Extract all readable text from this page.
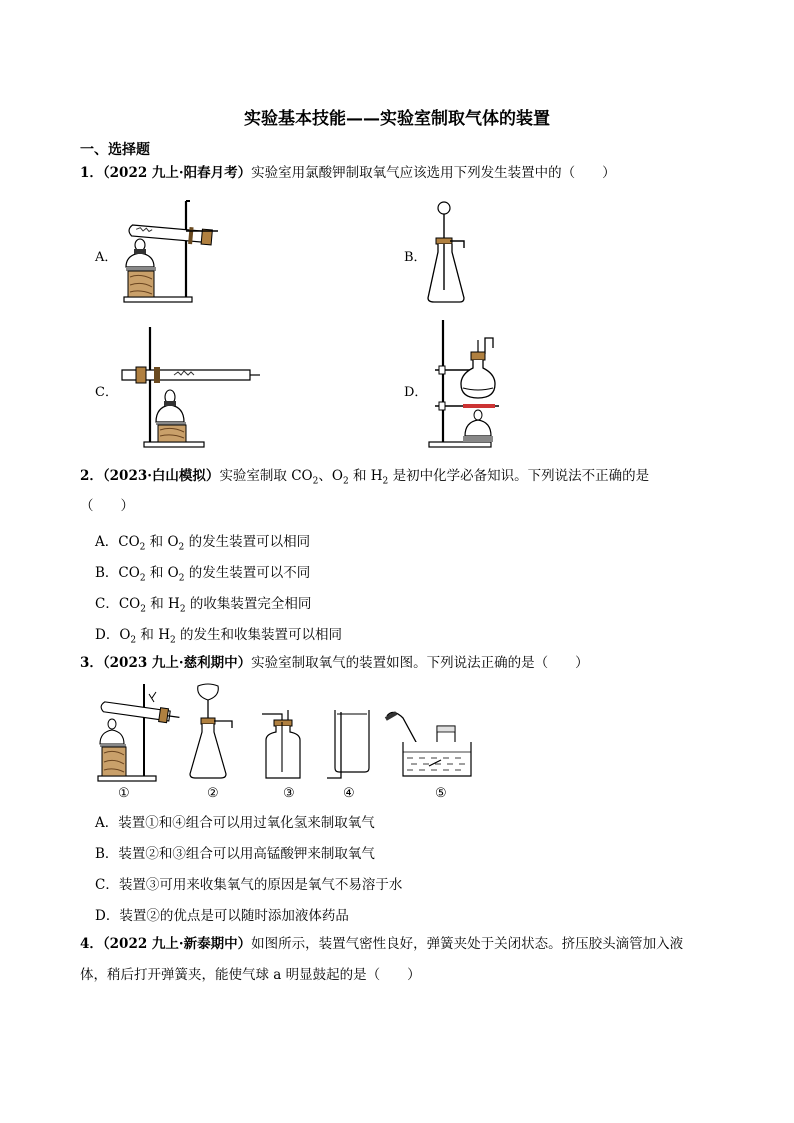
实验基本技能——实验室制取气体的装置
一、选择题
1．（2022 九上·阳春月考）实验室用氯酸钾制取氧气应该选用下列发生装置中的（　　）
A．	B．
C．	D．
2．（2023·白山模拟）实验室制取 $CO_2$、$O_2$ 和 $H_2$ 是初中化学必备知识。下列说法不正确的是
（　　）
A．$CO_2$ 和 $O_2$ 的发生装置可以相同
B．$CO_2$ 和 $O_2$ 的发生装置可以不同
C．$CO_2$ 和 $H_2$ 的收集装置完全相同
D．$O_2$ 和 $H_2$ 的发生和收集装置可以相同
3．（2023 九上·慈利期中）实验室制取氧气的装置如图。下列说法正确的是（　　）
①	②	③	④	⑤
A．装置①和④组合可以用过氧化氢来制取氧气
B．装置②和③组合可以用高锰酸钾来制取氧气
C．装置③可用来收集氧气的原因是氧气不易溶于水
D．装置②的优点是可以随时添加液体药品
4．（2022 九上·新泰期中）如图所示，装置气密性良好，弹簧夹处于关闭状态。挤压胶头滴管加入液
体，稍后打开弹簧夹，能使气球 a 明显鼓起的是（　　）
